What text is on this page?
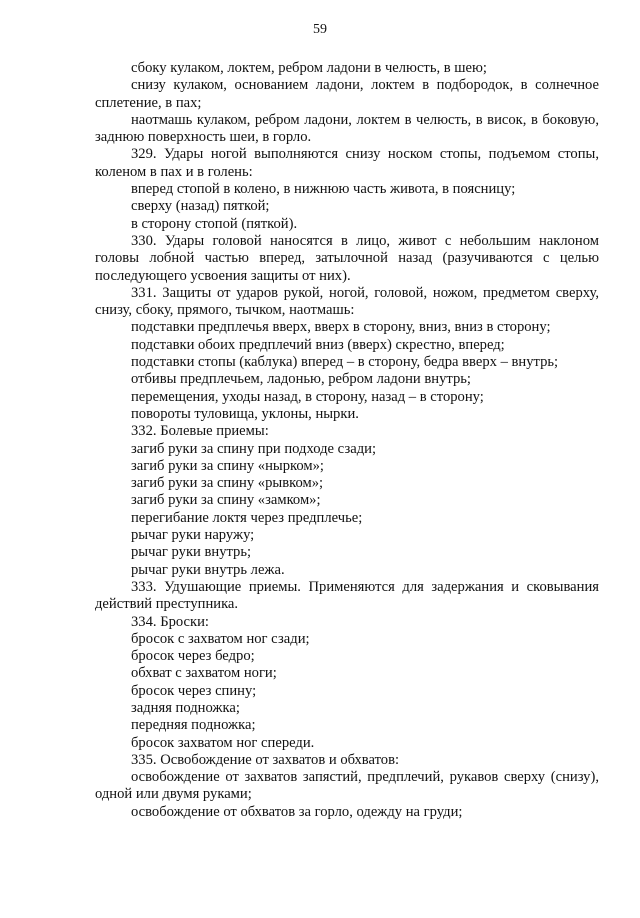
59

сбоку кулаком, локтем, ребром ладони в челюсть, в шею;

снизу кулаком, основанием ладони, локтем в подбородок, в солнечное сплетение, в пах;

наотмашь кулаком, ребром ладони, локтем в челюсть, в висок, в боковую, заднюю поверхность шеи, в горло.

329. Удары ногой выполняются снизу носком стопы, подъемом стопы, коленом в пах и в голень:

вперед стопой в колено, в нижнюю часть живота, в поясницу;

сверху (назад) пяткой;

в сторону стопой (пяткой).

330. Удары головой наносятся в лицо, живот с небольшим наклоном головы лобной частью вперед, затылочной назад (разучиваются с целью последующего усвоения защиты от них).

331. Защиты от ударов рукой, ногой, головой, ножом, предметом сверху, снизу, сбоку, прямого, тычком, наотмашь:

подставки предплечья вверх, вверх в сторону, вниз, вниз в сторону;

подставки обоих предплечий вниз (вверх) скрестно, вперед;

подставки стопы (каблука) вперед – в сторону, бедра вверх – внутрь;

отбивы предплечьем, ладонью, ребром ладони внутрь;

перемещения, уходы назад, в сторону, назад – в сторону;

повороты туловища, уклоны, нырки.

332. Болевые приемы:

загиб руки за спину при подходе сзади;

загиб руки за спину «нырком»;

загиб руки за спину «рывком»;

загиб руки за спину «замком»;

перегибание локтя через предплечье;

рычаг руки наружу;

рычаг руки внутрь;

рычаг руки внутрь лежа.

333. Удушающие приемы. Применяются для задержания и сковывания действий преступника.

334. Броски:

бросок с захватом ног сзади;

бросок через бедро;

обхват с захватом ноги;

бросок через спину;

задняя подножка;

передняя подножка;

бросок захватом ног спереди.

335. Освобождение от захватов и обхватов:

освобождение от захватов запястий, предплечий, рукавов сверху (снизу), одной или двумя руками;

освобождение от обхватов за горло, одежду на груди;
